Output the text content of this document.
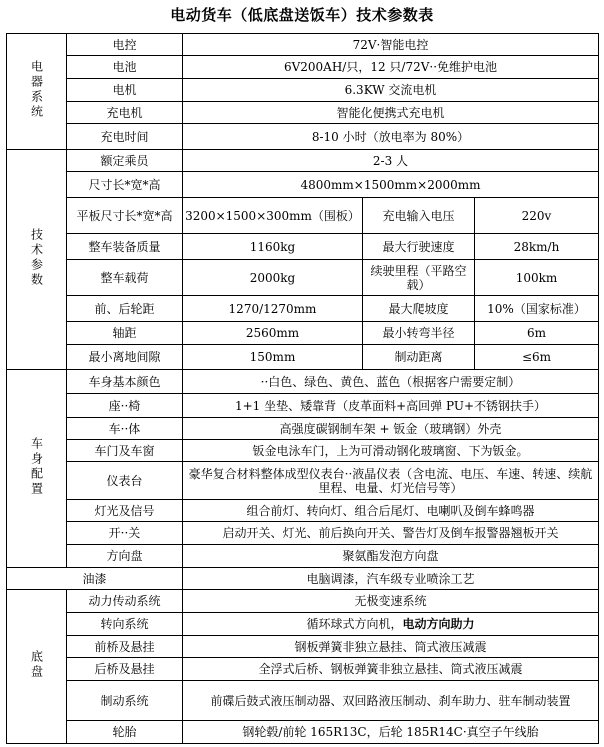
电动货车（低底盘送饭车）技术参数表
电器系统	电控	72V·智能电控		
	电池	6V200AH/只，12 只/72V··免维护电池		
	电机	6.3KW 交流电机		
	充电机	智能化便携式充电机		
	充电时间	8-10 小时（放电率为 80%）		
技术参数	额定乘员	2-3 人		
	尺寸长*宽*高	4800mm×1500mm×2000mm		
	平板尺寸长*宽*高	3200×1500×300mm（围板）	充电输入电压	220v
	整车装备质量	1160kg	最大行驶速度	28km/h
	整车载荷	2000kg	续驶里程（平路空载）	100km
	前、后轮距	1270/1270mm	最大爬坡度	10%（国家标准）
	轴距	2560mm	最小转弯半径	6m
	最小离地间隙	150mm	制动距离	≤6m
车身配置	车身基本颜色	··白色、绿色、黄色、蓝色（根据客户需要定制）		
	座··椅	1+1 坐垫、矮靠背（皮革面料+高回弹 PU+不锈钢扶手）		
	车··体	高强度碳钢制车架 + 钣金（玻璃钢）外壳		
	车门及车窗	钣金电泳车门，上为可滑动钢化玻璃窗、下为钣金。		
	仪表台	豪华复合材料整体成型仪表台··液晶仪表（含电流、电压、车速、转速、续航里程、电量、灯光信号等）		
	灯光及信号	组合前灯、转向灯、组合后尾灯、电喇叭及倒车蜂鸣器		
	开··关	启动开关、灯光、前后换向开关、警告灯及倒车报警器翘板开关		
	方向盘	聚氨酯发泡方向盘		
油漆		电脑调漆，汽车级专业喷涂工艺		
底盘	动力传动系统	无极变速系统		
	转向系统	循环球式方向机，电动方向助力		
	前桥及悬挂	钢板弹簧非独立悬挂、筒式液压减震		
	后桥及悬挂	全浮式后桥、钢板弹簧非独立悬挂、筒式液压减震		
	制动系统	前碟后鼓式液压制动器、双回路液压制动、刹车助力、驻车制动装置		
	轮胎	钢轮毂/前轮 165R13C，后轮 185R14C·真空子午线胎		
